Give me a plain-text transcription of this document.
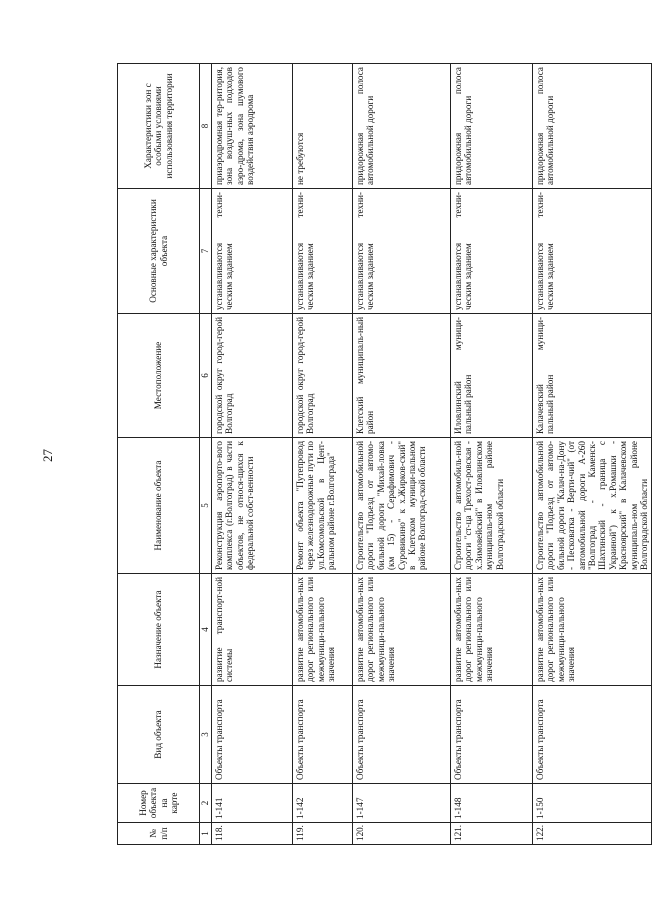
27
№ п/п	Номер объекта на карте	Вид объекта	Назначение объекта	Наименование объекта	Местоположение	Основные характеристики объекта	Характеристики зон с особыми условиями использования территории
1	2	3	4	5	6	7	8
118.	1-141	Объекты транспорта	развитие транспорт-ной системы	Реконструкция аэропорто-вого комплекса (г.Волгоград) в части объектов, не относя-щихся к федеральной собст-венности	городской округ город-герой Волгоград	устанавливаются техни-ческим заданием	приаэродромная тер-ритория, зона воздуш-ных подходов аэро-дрома, зона шумового воздействия аэродрома
119.	1-142	Объекты транспорта	развитие автомобиль-ных дорог регионального или межмуници-пального значения	Ремонт объекта "Путепровод через железнодорожные пути по ул.Комсомольской в Цент-ральном районе г.Волгограда"	городской округ город-герой Волгоград	устанавливаются техни-ческим заданием	не требуются
120.	1-147	Объекты транспорта	развитие автомобиль-ных дорог регионального или межмуници-пального значения	Строительство автомобильной дороги "Подъезд от автомо-бильной дороги "Михай-ловка (км 15) - Серафимович - Суровикино" к х.Жирков-ский" в Клетском муници-пальном районе Волгоград-ской области	Клетский муниципаль-ный район	устанавливаются техни-ческим заданием	придорожная полоса автомобильной дороги
121.	1-148	Объекты транспорта	развитие автомобиль-ных дорог регионального или межмуници-пального значения	Строительство автомобиль-ной дороги "ст-ца Трехост-ровская - х.Зимовейский" в Иловлинском муниципаль-ном районе Волгоградской области	Иловлинский муници-пальный район	устанавливаются техни-ческим заданием	придорожная полоса автомобильной дороги
122.	1-150	Объекты транспорта	развитие автомобиль-ных дорог регионального или межмуници-пального значения	Строительство автомобильной дороги "Подъезд от автомо-бильной дороги "Калач-на-Дону - Песковатка - Верти-чий" (от автомобильной дороги А-260 "Волгоград - Каменск-Шахтинский - граница с Украиной") к х.Ромашки - Красноярский" в Калачевском муниципаль-ном районе Волгоградской области	Калачевский муници-пальный район	устанавливаются техни-ческим заданием	придорожная полоса автомобильной дороги
